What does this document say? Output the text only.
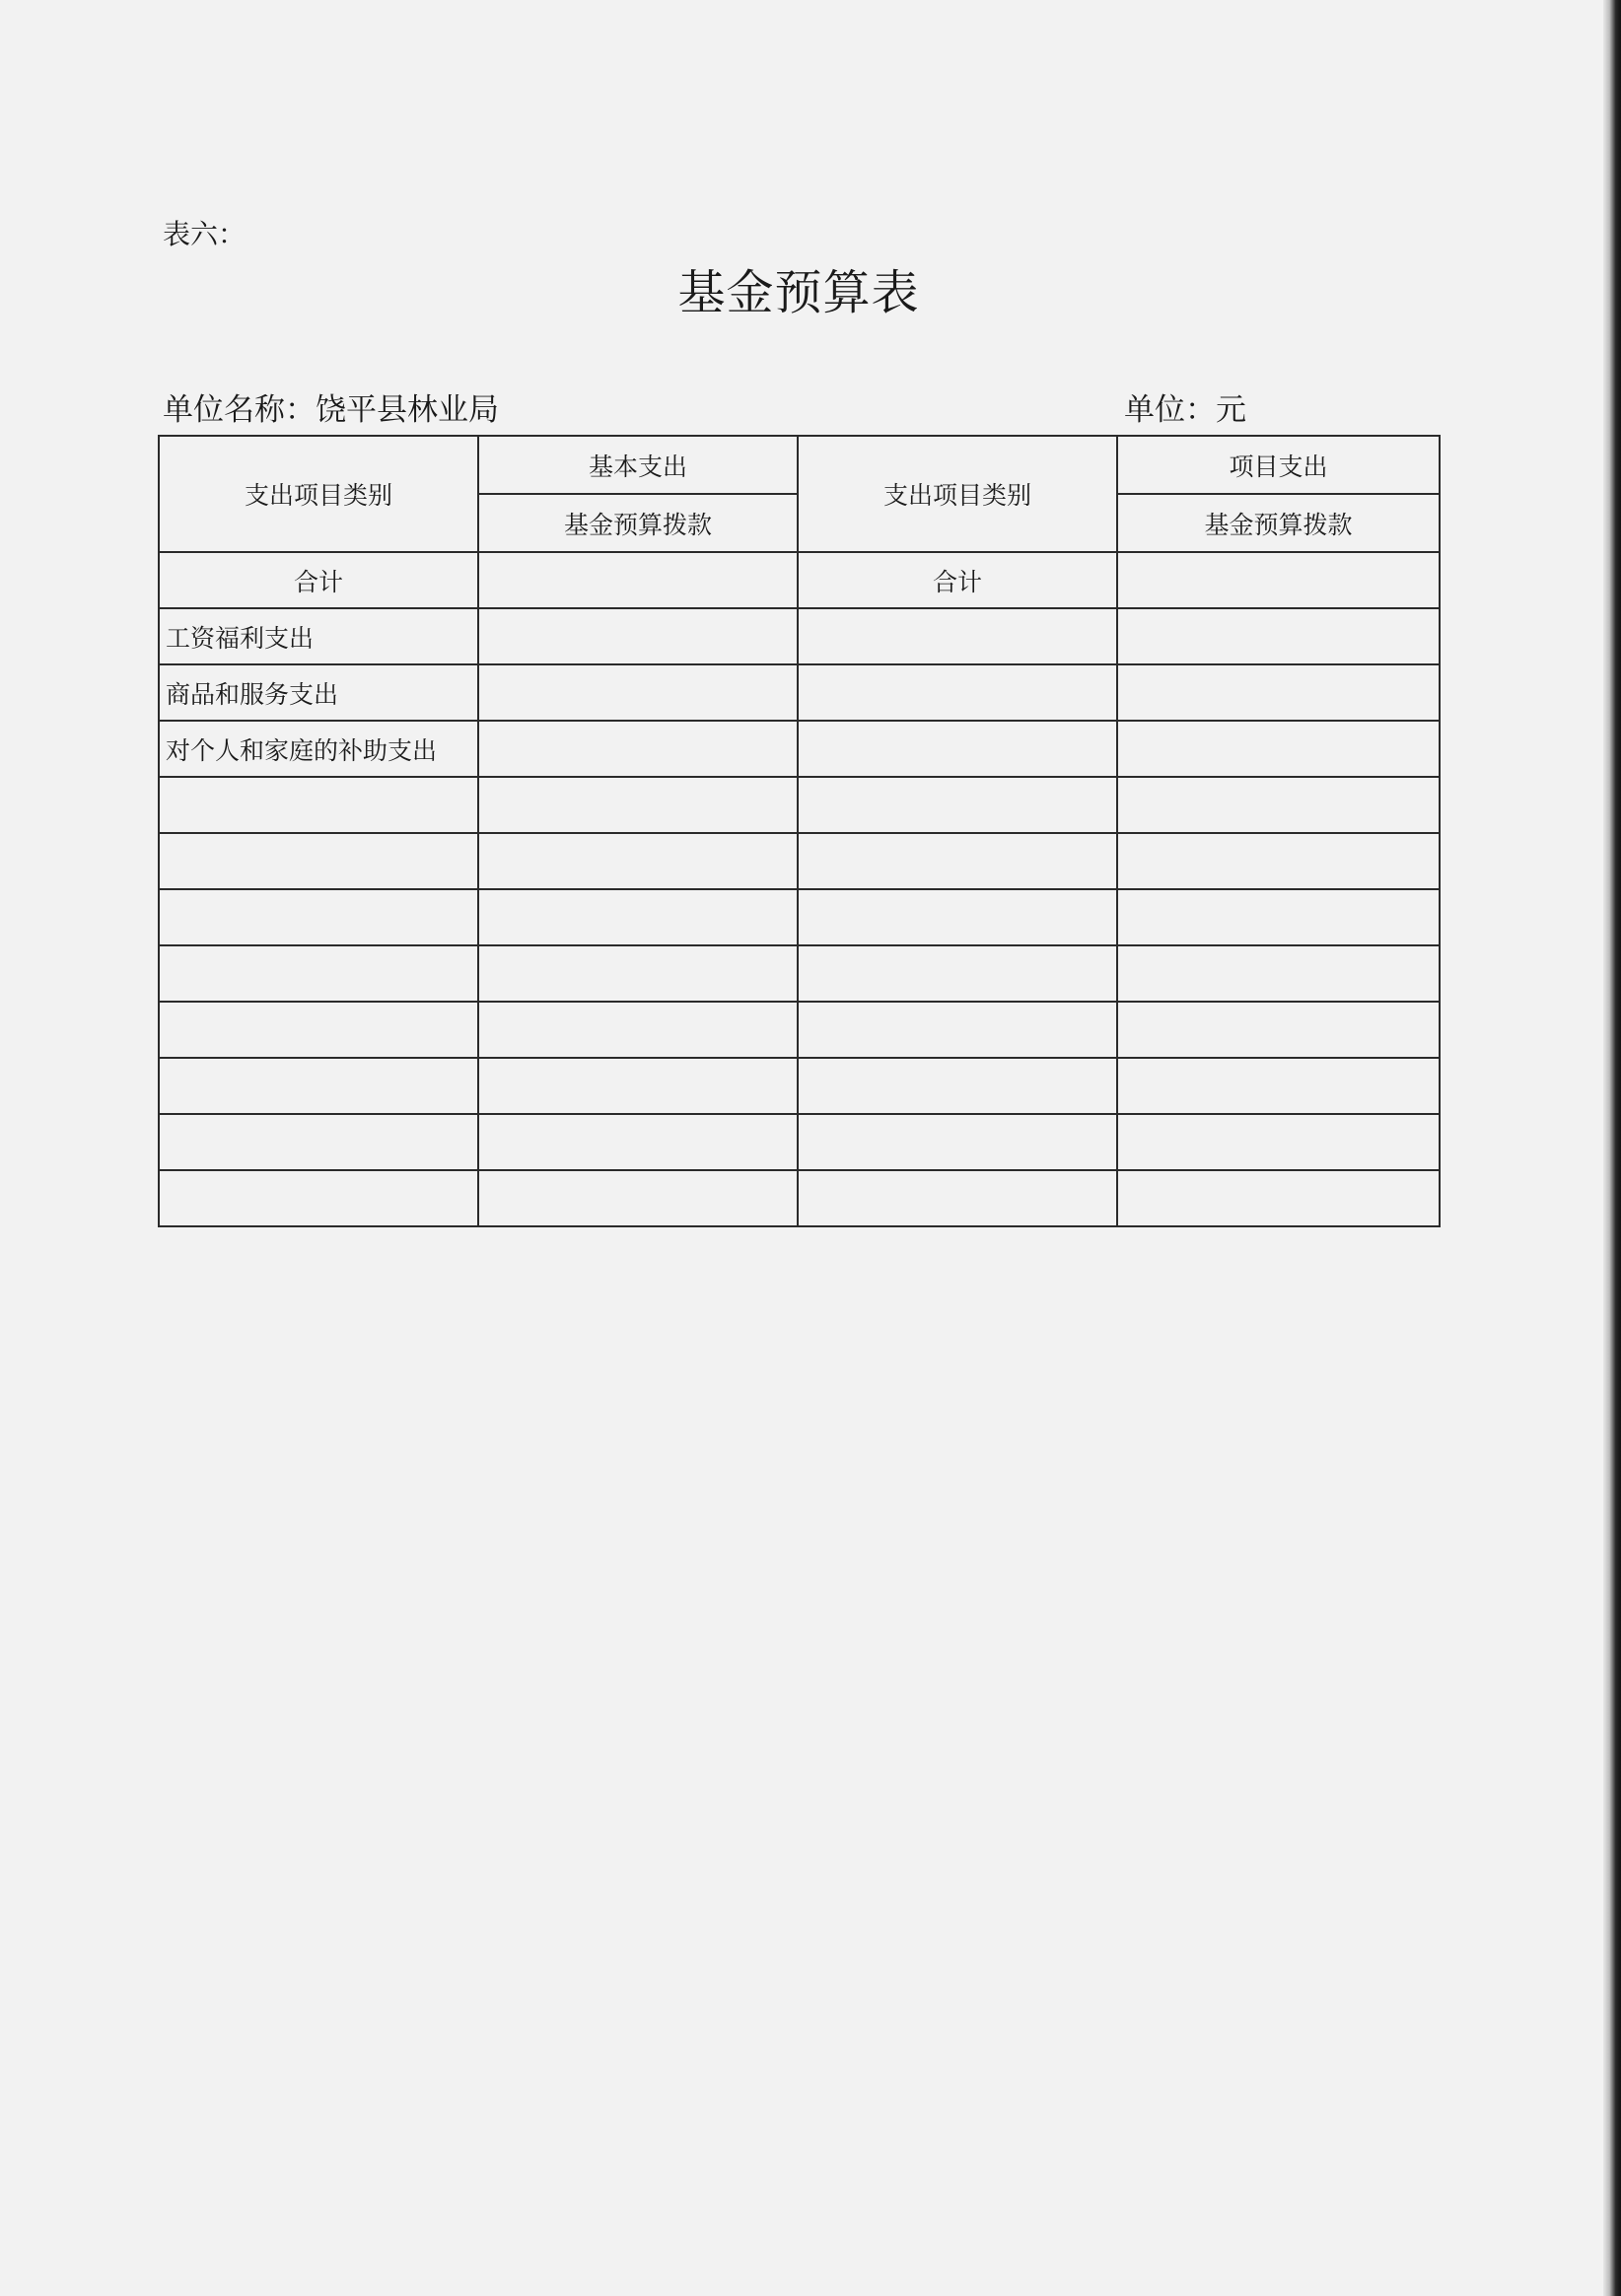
表六：
基金预算表
单位名称：饶平县林业局	单位：元
支出项目类别	基本支出	支出项目类别	项目支出
	基金预算拨款		基金预算拨款
合计		合计	
工资福利支出			
商品和服务支出			
对个人和家庭的补助支出			
